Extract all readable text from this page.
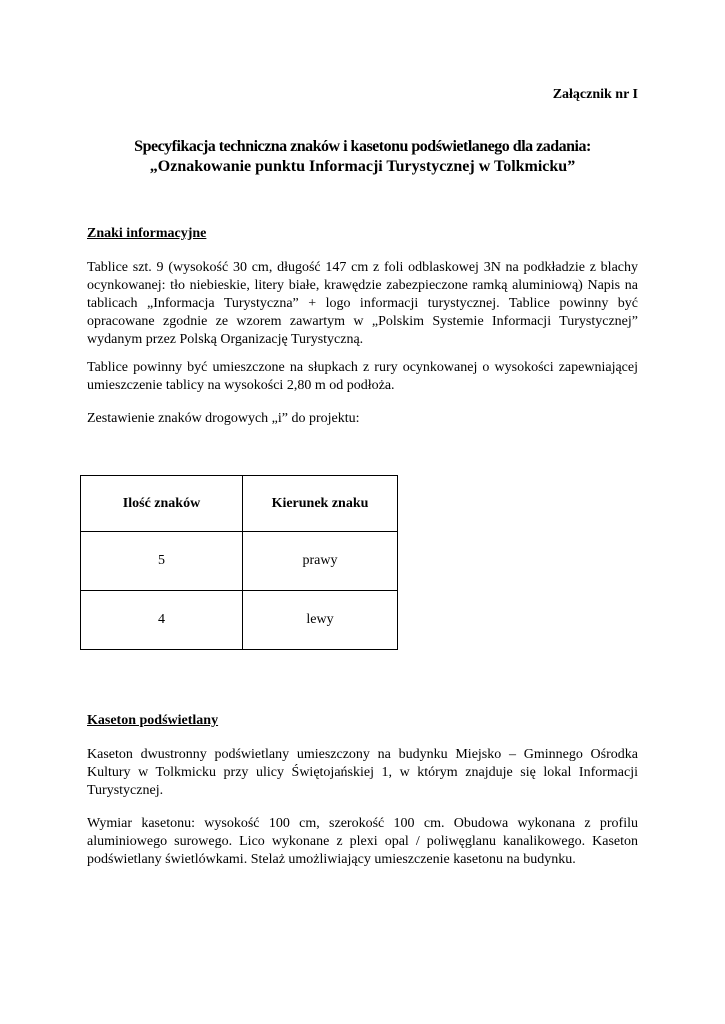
Załącznik nr I
Specyfikacja techniczna znaków i kasetonu podświetlanego dla zadania:
„Oznakowanie punktu Informacji Turystycznej w Tolkmicku”
Znaki informacyjne

Tablice szt. 9 (wysokość 30 cm, długość 147 cm z foli odblaskowej 3N na podkładzie z blachy ocynkowanej: tło niebieskie, litery białe, krawędzie zabezpieczone ramką aluminiową) Napis na tablicach „Informacja Turystyczna” + logo informacji turystycznej. Tablice powinny być opracowane zgodnie ze wzorem zawartym w „Polskim Systemie Informacji Turystycznej” wydanym przez Polską Organizację Turystyczną.

Tablice powinny być umieszczone na słupkach z rury ocynkowanej o wysokości zapewniającej umieszczenie tablicy na wysokości 2,80 m od podłoża.

Zestawienie znaków drogowych „i” do projektu:

Ilość znaków	Kierunek znaku
5	prawy
4	lewy
Kaseton podświetlany

Kaseton dwustronny podświetlany umieszczony na budynku Miejsko – Gminnego Ośrodka Kultury w Tolkmicku przy ulicy Świętojańskiej 1, w którym znajduje się lokal Informacji Turystycznej.

Wymiar kasetonu: wysokość 100 cm, szerokość 100 cm. Obudowa wykonana z profilu aluminiowego surowego. Lico wykonane z plexi opal / poliwęglanu kanalikowego. Kaseton podświetlany świetlówkami. Stelaż umożliwiający umieszczenie kasetonu na budynku.
